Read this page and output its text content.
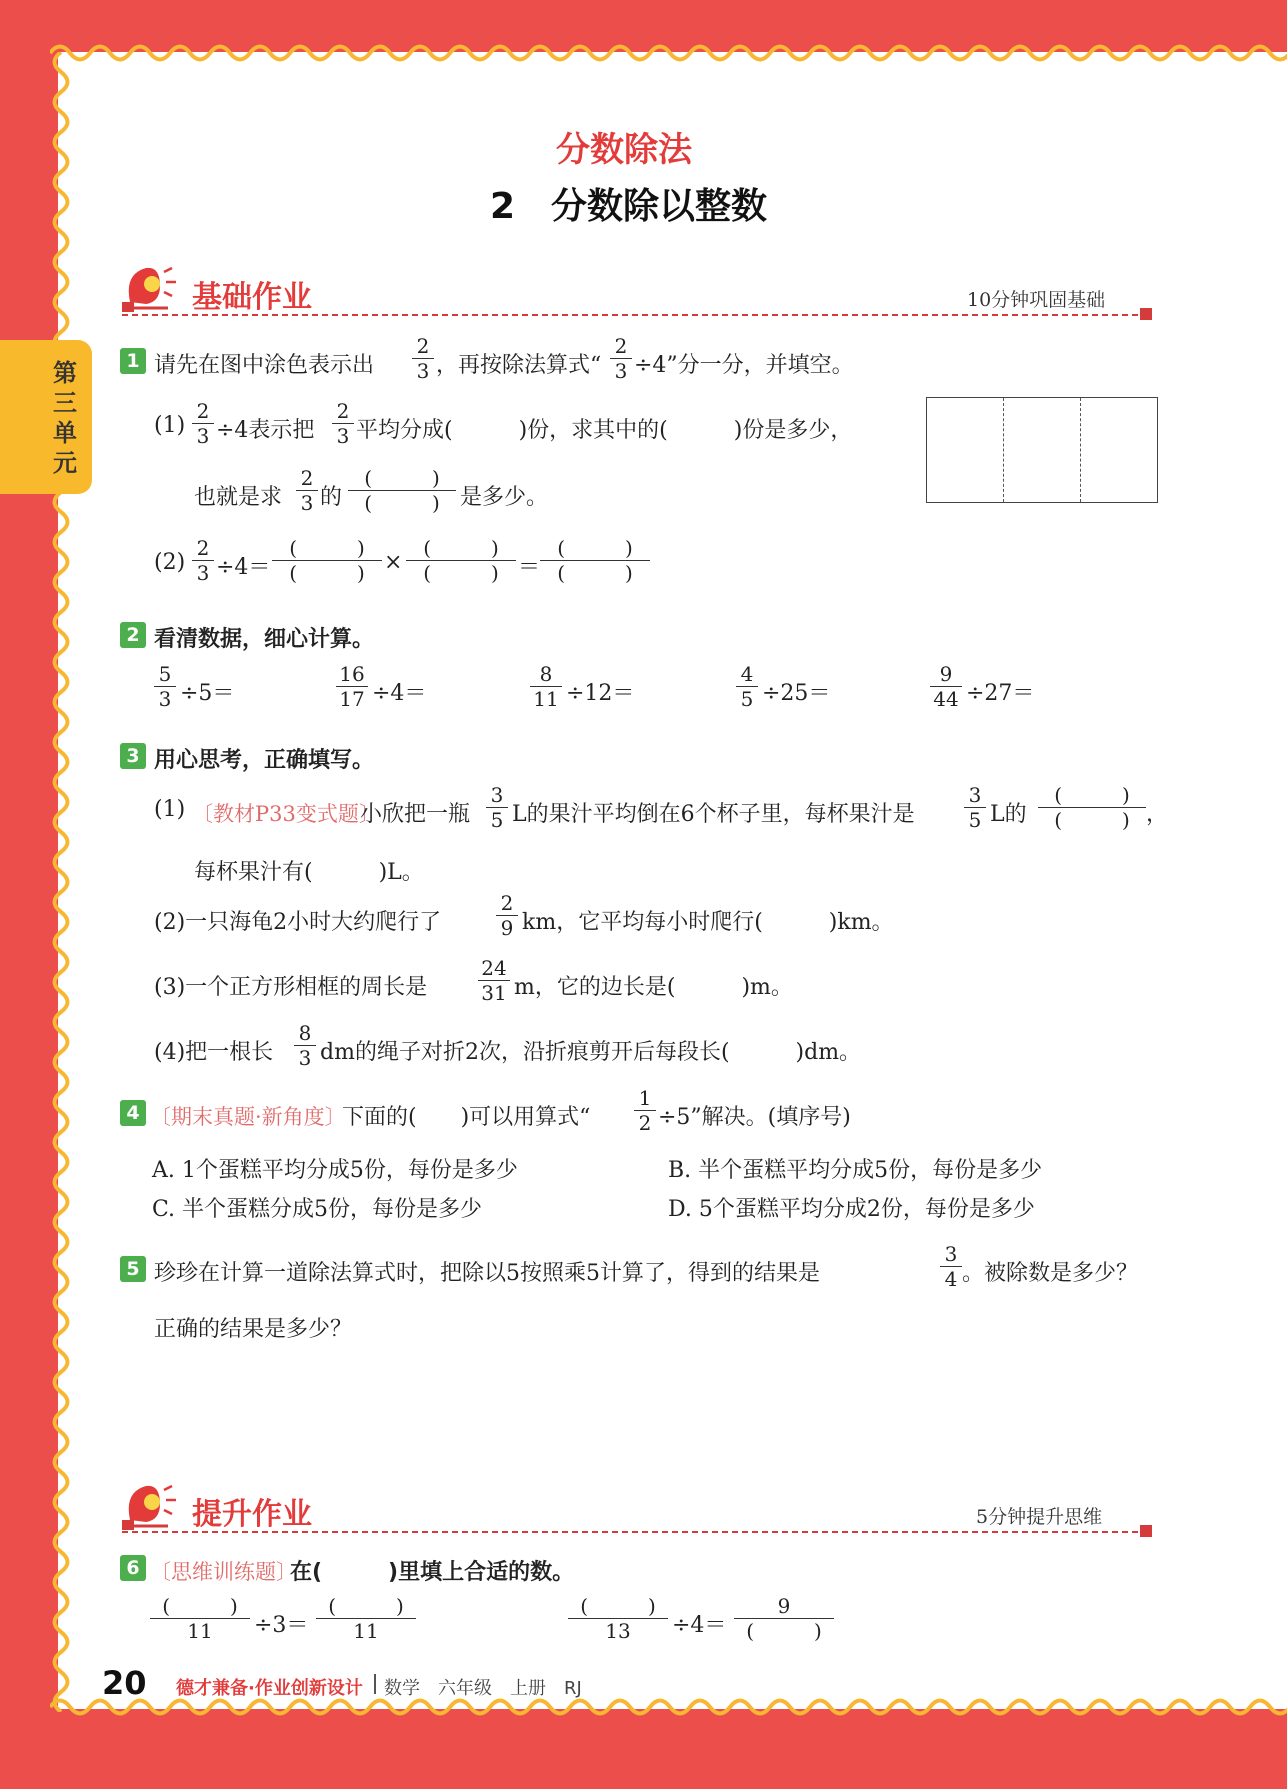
第三单元
分数除法
2　分数除以整数
基础作业	10分钟巩固基础
1 请先在图中涂色表示出 $\frac{2}{3}$ ，再按除法算式“ $\frac{2}{3} \div 4$”分一分，并填空。
$(1) \frac{2}{3} \div 4$表示把 $\frac{2}{3}$ 平均分成(　　　)份，求其中的(　　　)份是多少，
也就是求 $\frac{2}{3}$ 的
(　　　)
(　　　) 是多少。
$(2) \frac{2}{3} \div 4=$
(　　　)
(　　　) ×
(　　　)
(　　　) ＝
(　　　)
(　　　)
2 看清数据，细心计算。
$\frac{5}{3} \div 5=$	$\frac{16}{17} \div 4=$	$\frac{8}{11} \div 12=$	$\frac{4}{5} \div 25=$	$\frac{9}{44} \div 27=$
3 用心思考，正确填写。
(1) 〔教材P33变式题〕
小欣把一瓶 $\frac{3}{5}$ L的果汁平均倒在6个杯子里，每杯果汁是 $\frac{3}{5}$ L的
(　　　)
(　　　) ，
每杯果汁有(　　　)L。
(2)一只海龟2小时大约爬行了	$\frac{2}{9}$ km，它平均每小时爬行(　　　)km。
(3)一个正方形相框的周长是	$\frac{24}{31}$ m，它的边长是(　　　)m。
(4)把一根长 $\frac{8}{3}$ dm的绳子对折2次，沿折痕剪开后每段长(　　　)dm。
4 〔期末真题·新角度〕
下面的(　　)可以用算式“ $\frac{1}{2} \div 5$”解决。(填序号)
A. 1个蛋糕平均分成5份，每份是多少	B. 半个蛋糕平均分成5份，每份是多少
C. 半个蛋糕分成5份，每份是多少	D. 5个蛋糕平均分成2份，每份是多少
5 珍珍在计算一道除法算式时，把除以5按照乘5计算了，得到的结果是	$\frac{3}{4}$ 。被除数是多少？
正确的结果是多少？
提升作业	5分钟提升思维
6 〔思维训练题〕
在(　　　)里填上合适的数。
(　　　)
11	÷3＝
(　　　)
11
(　　　)
13	÷4＝
9
(　　　)
20 德才兼备·作业创新设计 数学　六年级　上册　RJ
